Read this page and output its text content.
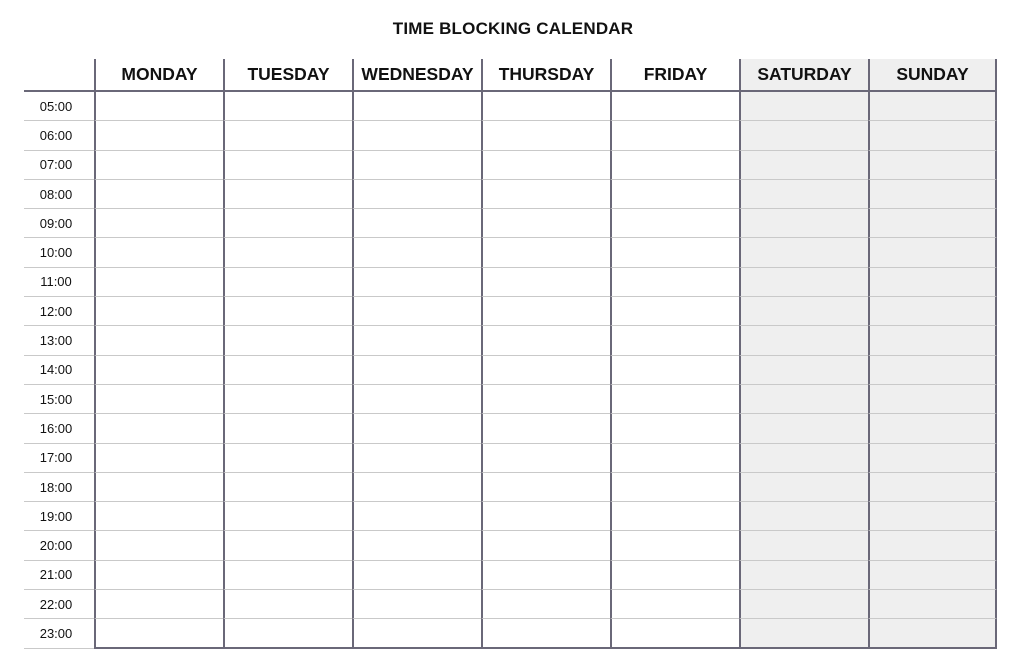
TIME BLOCKING CALENDAR
MONDAY	TUESDAY	WEDNESDAY	THURSDAY	FRIDAY	SATURDAY	SUNDAY
05:00
06:00
07:00
08:00
09:00
10:00
11:00
12:00
13:00
14:00
15:00
16:00
17:00
18:00
19:00
20:00
21:00
22:00
23:00
